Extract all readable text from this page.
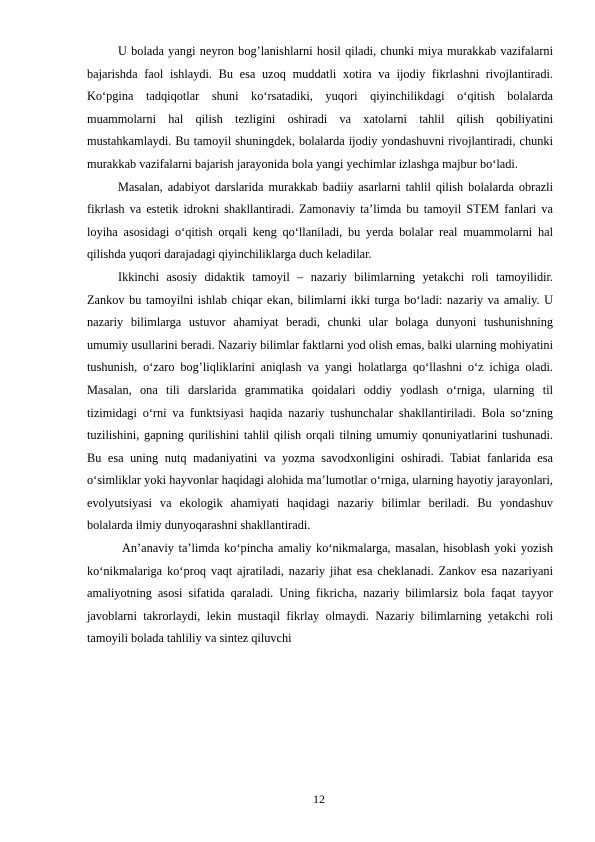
U bolada yangi neyron bog’lanishlarni hosil qiladi, chunki miya murakkab vazifalarni bajarishda faol ishlaydi. Bu esa uzoq muddatli xotira va ijodiy fikrlashni rivojlantiradi. Ko‘pgina tadqiqotlar shuni ko‘rsatadiki, yuqori qiyinchilikdagi o‘qitish bolalarda muammolarni hal qilish tezligini oshiradi va xatolarni tahlil qilish qobiliyatini mustahkamlaydi. Bu tamoyil shuningdek, bolalarda ijodiy yondashuvni rivojlantiradi, chunki murakkab vazifalarni bajarish jarayonida bola yangi yechimlar izlashga majbur bo‘ladi.

Masalan, adabiyot darslarida murakkab badiiy asarlarni tahlil qilish bolalarda obrazli fikrlash va estetik idrokni shakllantiradi. Zamonaviy ta’limda bu tamoyil STEM fanlari va loyiha asosidagi o‘qitish orqali keng qo‘llaniladi, bu yerda bolalar real muammolarni hal qilishda yuqori darajadagi qiyinchiliklarga duch keladilar.

Ikkinchi asosiy didaktik tamoyil – nazariy bilimlarning yetakchi roli tamoyilidir. Zankov bu tamoyilni ishlab chiqar ekan, bilimlarni ikki turga bo‘ladi: nazariy va amaliy. U nazariy bilimlarga ustuvor ahamiyat beradi, chunki ular bolaga dunyoni tushunishning umumiy usullarini beradi. Nazariy bilimlar faktlarni yod olish emas, balki ularning mohiyatini tushunish, o‘zaro bog’liqliklarini aniqlash va yangi holatlarga qo‘llashni o‘z ichiga oladi. Masalan, ona tili darslarida grammatika qoidalari oddiy yodlash o‘rniga, ularning til tizimidagi o‘rni va funktsiyasi haqida nazariy tushunchalar shakllantiriladi. Bola so‘zning tuzilishini, gapning qurilishini tahlil qilish orqali tilning umumiy qonuniyatlarini tushunadi. Bu esa uning nutq madaniyatini va yozma savodxonligini oshiradi. Tabiat fanlarida esa o‘simliklar yoki hayvonlar haqidagi alohida ma’lumotlar o‘rniga, ularning hayotiy jarayonlari, evolyutsiyasi va ekologik ahamiyati haqidagi nazariy bilimlar beriladi. Bu yondashuv bolalarda ilmiy dunyoqarashni shakllantiradi.

An’anaviy ta’limda ko‘pincha amaliy ko‘nikmalarga, masalan, hisoblash yoki yozish ko‘nikmalariga ko‘proq vaqt ajratiladi, nazariy jihat esa cheklanadi. Zankov esa nazariyani amaliyotning asosi sifatida qaraladi. Uning fikricha, nazariy bilimlarsiz bola faqat tayyor javoblarni takrorlaydi, lekin mustaqil fikrlay olmaydi. Nazariy bilimlarning yetakchi roli tamoyili bolada tahliliy va sintez qiluvchi

12
